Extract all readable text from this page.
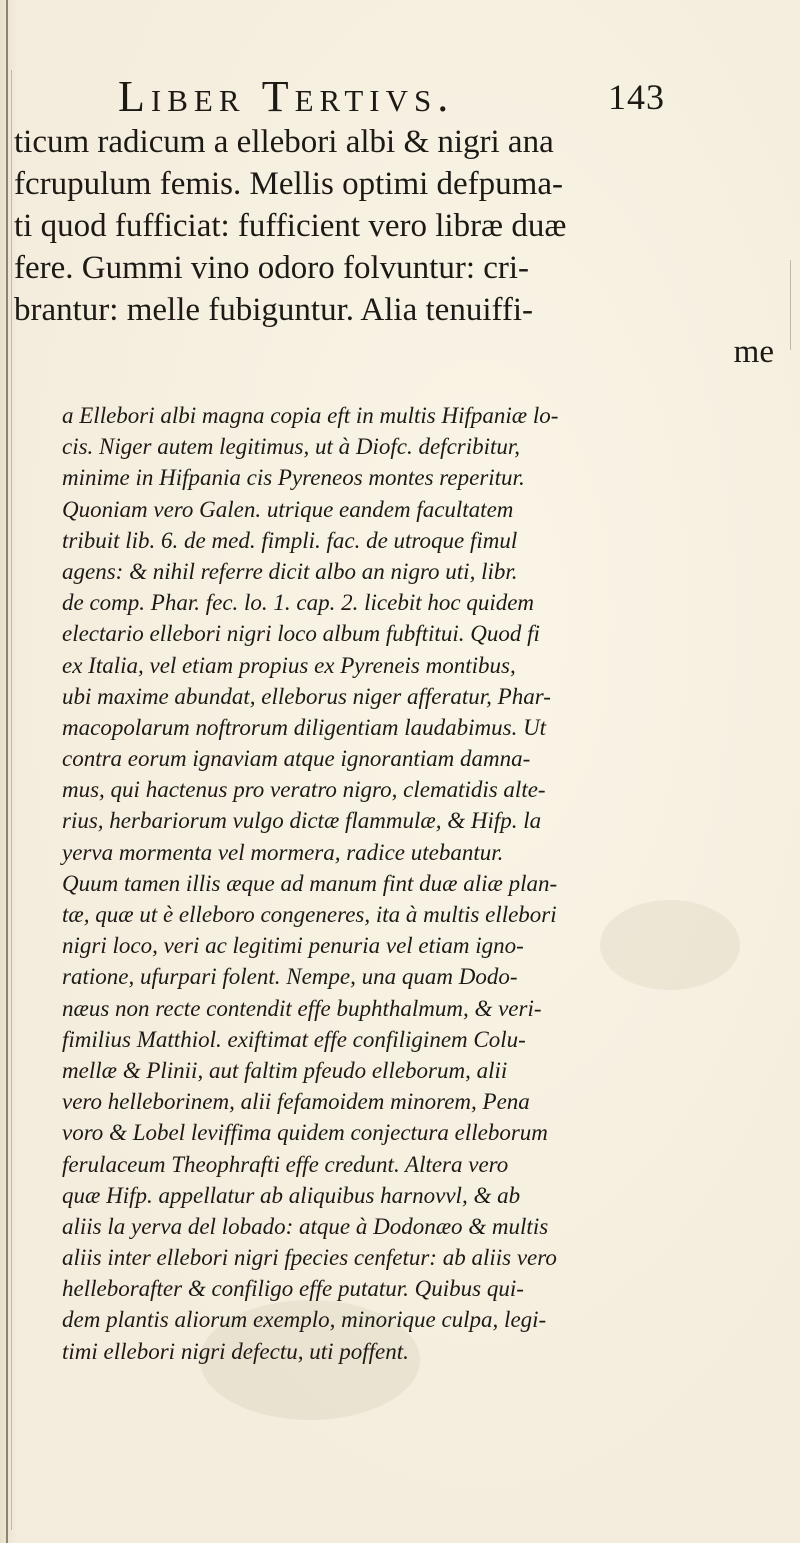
Liber Tertivs.	143
ticum radicum a ellebori albi & nigri ana
fcrupulum femis. Mellis optimi defpuma-
ti quod fufficiat: fufficient vero libræ duæ
fere. Gummi vino odoro folvuntur: cri-
brantur: melle fubiguntur. Alia tenuiffi-
me
a Ellebori albi magna copia eft in multis Hifpaniæ lo-
cis. Niger autem legitimus, ut à Diofc. defcribitur,
minime in Hifpania cis Pyreneos montes reperitur.
Quoniam vero Galen. utrique eandem facultatem
tribuit lib. 6. de med. fimpli. fac. de utroque fimul
agens: & nihil referre dicit albo an nigro uti, libr.
de comp. Phar. fec. lo. 1. cap. 2. licebit hoc quidem
electario ellebori nigri loco album fubftitui. Quod fi
ex Italia, vel etiam propius ex Pyreneis montibus,
ubi maxime abundat, elleborus niger afferatur, Phar-
macopolarum noftrorum diligentiam laudabimus. Ut
contra eorum ignaviam atque ignorantiam damna-
mus, qui hactenus pro veratro nigro, clematidis alte-
rius, herbariorum vulgo dictæ flammulæ, & Hifp. la
yerva mormenta vel mormera, radice utebantur.
Quum tamen illis æque ad manum fint duæ aliæ plan-
tæ, quæ ut è elleboro congeneres, ita à multis ellebori
nigri loco, veri ac legitimi penuria vel etiam igno-
ratione, ufurpari folent. Nempe, una quam Dodo-
næus non recte contendit effe buphthalmum, & veri-
fimilius Matthiol. exiftimat effe confiliginem Colu-
mellæ & Plinii, aut faltim pfeudo elleborum, alii
vero helleborinem, alii fefamoidem minorem, Pena
voro & Lobel leviffima quidem conjectura elleborum
ferulaceum Theophrafti effe credunt. Altera vero
quæ Hifp. appellatur ab aliquibus harnovvl, & ab
aliis la yerva del lobado: atque à Dodonæo & multis
aliis inter ellebori nigri fpecies cenfetur: ab aliis vero
helleborafter & confiligo effe putatur. Quibus qui-
dem plantis aliorum exemplo, minorique culpa, legi-
timi ellebori nigri defectu, uti poffent.
